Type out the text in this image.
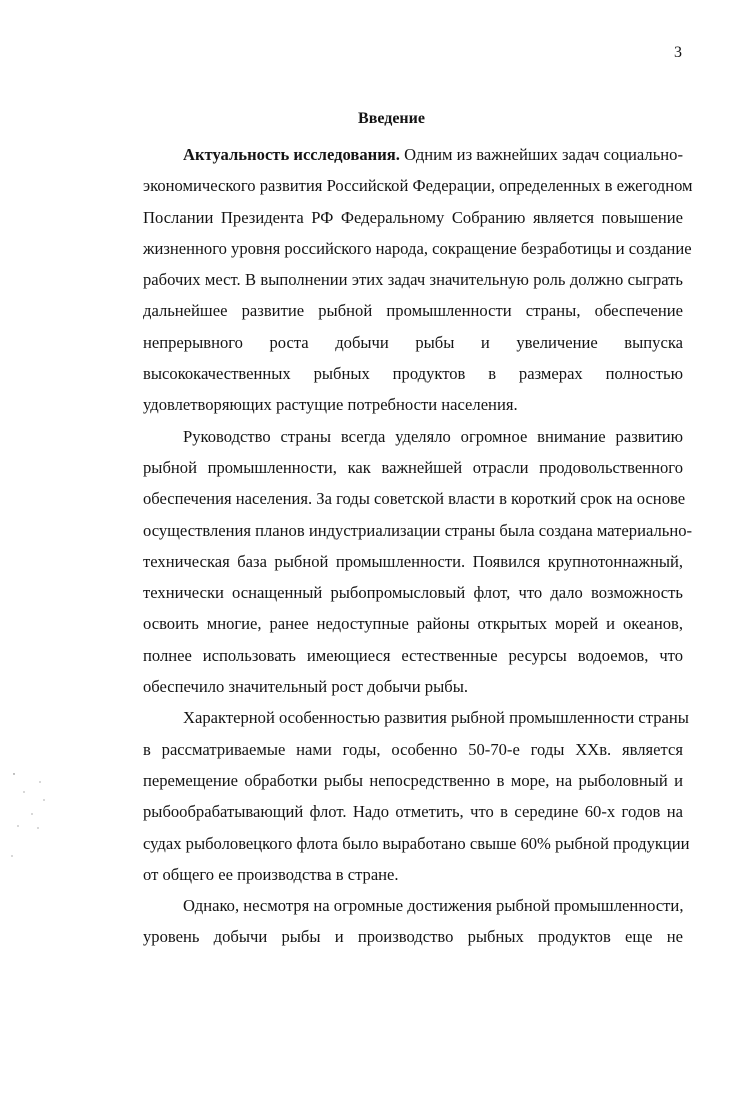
3
Введение
Актуальность исследования. Одним из важнейших задач социально-
экономического развития Российской Федерации, определенных в ежегодном
Послании Президента РФ Федеральному Собранию является повышение
жизненного уровня российского народа, сокращение безработицы и создание
рабочих мест. В выполнении этих задач значительную роль должно сыграть
дальнейшее развитие рыбной промышленности страны, обеспечение
непрерывного роста добычи рыбы и увеличение выпуска
высококачественных рыбных продуктов в размерах полностью
удовлетворяющих растущие потребности населения.
Руководство страны всегда уделяло огромное внимание развитию
рыбной промышленности, как важнейшей отрасли продовольственного
обеспечения населения. За годы советской власти в короткий срок на основе
осуществления планов индустриализации страны была создана материально-
техническая база рыбной промышленности. Появился крупнотоннажный,
технически оснащенный рыбопромысловый флот, что дало возможность
освоить многие, ранее недоступные районы открытых морей и океанов,
полнее использовать имеющиеся естественные ресурсы водоемов, что
обеспечило значительный рост добычи рыбы.
Характерной особенностью развития рыбной промышленности страны
в рассматриваемые нами годы, особенно 50-70-е годы XXв. является
перемещение обработки рыбы непосредственно в море, на рыболовный и
рыбообрабатывающий флот. Надо отметить, что в середине 60-х годов на
судах рыболовецкого флота было выработано свыше 60% рыбной продукции
от общего ее производства в стране.
Однако, несмотря на огромные достижения рыбной промышленности,
уровень добычи рыбы и производство рыбных продуктов еще не
